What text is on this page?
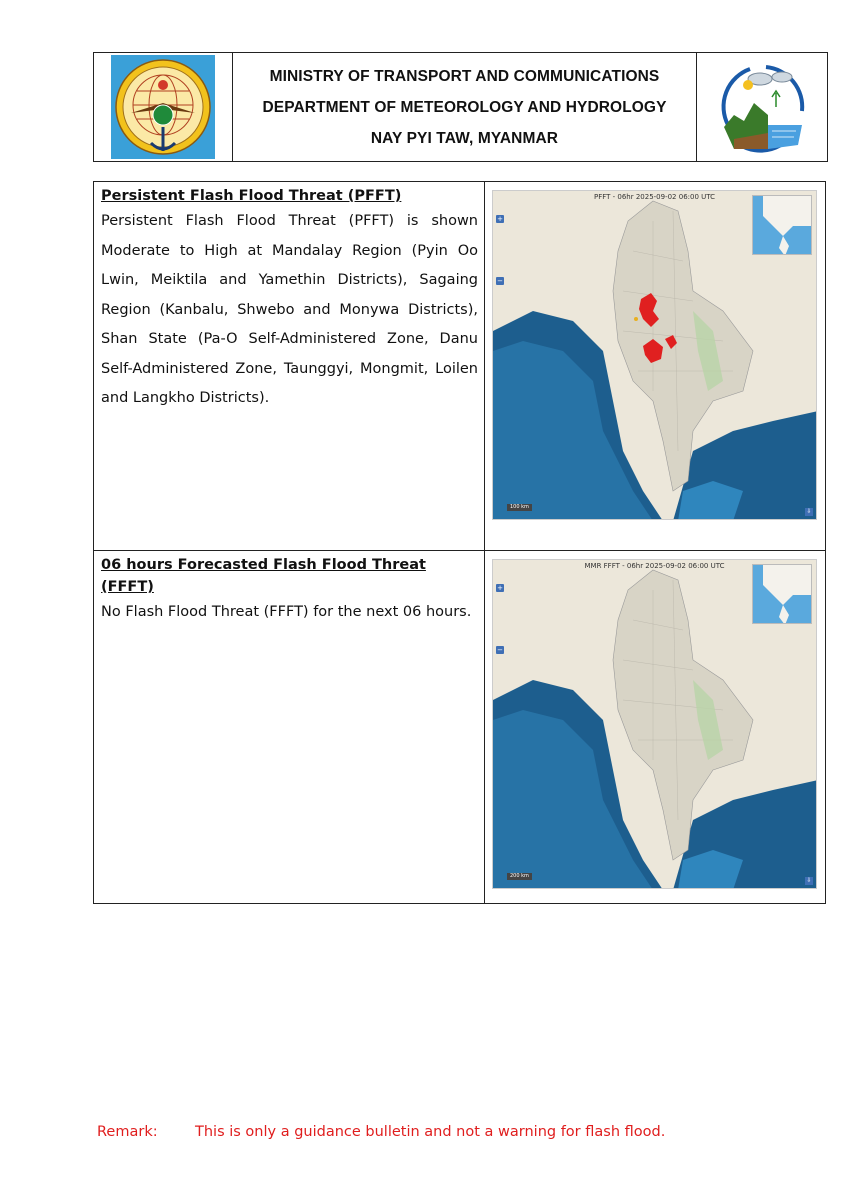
MINISTRY OF TRANSPORT AND COMMUNICATIONS
DEPARTMENT OF METEOROLOGY AND HYDROLOGY
NAY PYI TAW, MYANMAR
Persistent Flash Flood Threat (PFFT)
Persistent Flash Flood Threat (PFFT) is shown Moderate to High at Mandalay Region (Pyin Oo Lwin, Meiktila and Yamethin Districts), Sagaing Region (Kanbalu, Shwebo and Monywa Districts), Shan State (Pa-O Self-Administered Zone, Danu Self-Administered Zone, Taunggyi, Mongmit, Loilen and Langkho Districts).
PFFT - 06hr 2025-09-02 06:00 UTC
+
−
100 km
⇩
06 hours Forecasted Flash Flood Threat (FFFT)
No Flash Flood Threat (FFFT) for the next 06 hours.
MMR FFFT - 06hr 2025-09-02 06:00 UTC
+
−
200 km
⇩
Remark:	This is only a guidance bulletin and not a warning for flash flood.
